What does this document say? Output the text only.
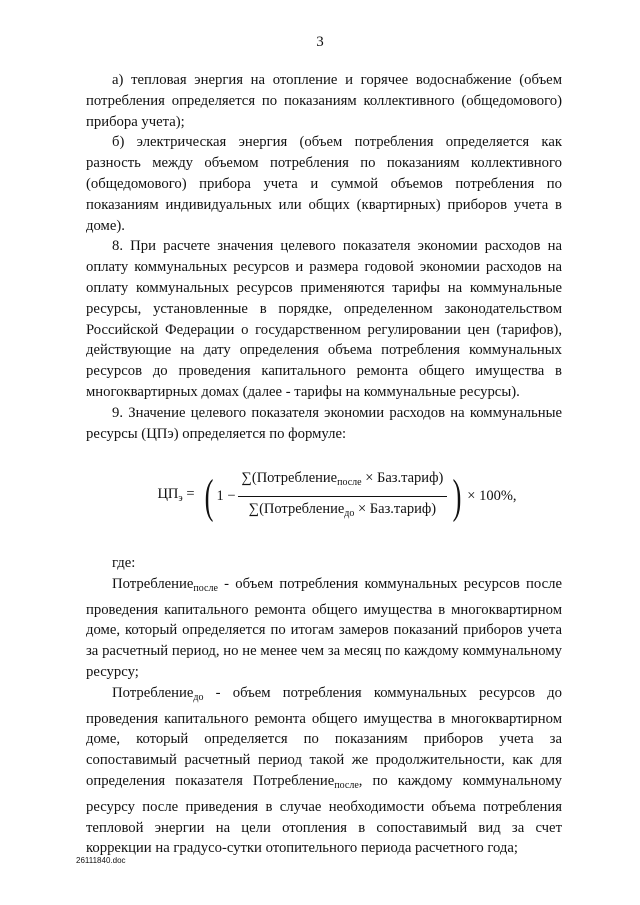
3

а) тепловая энергия на отопление и горячее водоснабжение (объем потребления определяется по показаниям коллективного (общедомового) прибора учета);

б) электрическая энергия (объем потребления определяется как разность между объемом потребления по показаниям коллективного (общедомового) прибора учета и суммой объемов потребления по показаниям индивидуальных или общих (квартирных) приборов учета в доме).

8. При расчете значения целевого показателя экономии расходов на оплату коммунальных ресурсов и размера годовой экономии расходов на оплату коммунальных ресурсов применяются тарифы на коммунальные ресурсы, установленные в порядке, определенном законодательством Российской Федерации о государственном регулировании цен (тарифов), действующие на дату определения объема потребления коммунальных ресурсов до проведения капитального ремонта общего имущества в многоквартирных домах (далее - тарифы на коммунальные ресурсы).

9. Значение целевого показателя экономии расходов на коммунальные ресурсы (ЦПэ) определяется по формуле:

$ЦП_э$ = ( $1 - \frac{\sum(Потребление_{после} \times Баз.тариф)}{\sum(Потребление_{до} \times Баз.тариф)}$ ) × 100%,

где:

Потребление$_{после}$ - объем потребления коммунальных ресурсов после проведения капитального ремонта общего имущества в многоквартирном доме, который определяется по итогам замеров показаний приборов учета за расчетный период, но не менее чем за месяц по каждому коммунальному ресурсу;

Потребление$_{до}$ - объем потребления коммунальных ресурсов до проведения капитального ремонта общего имущества в многоквартирном доме, который определяется по показаниям приборов учета за сопоставимый расчетный период такой же продолжительности, как для определения показателя Потребление$_{после}$, по каждому коммунальному ресурсу после приведения в случае необходимости объема потребления тепловой энергии на цели отопления в сопоставимый вид за счет коррекции на градусо-сутки отопительного периода расчетного года;

26111840.doc
